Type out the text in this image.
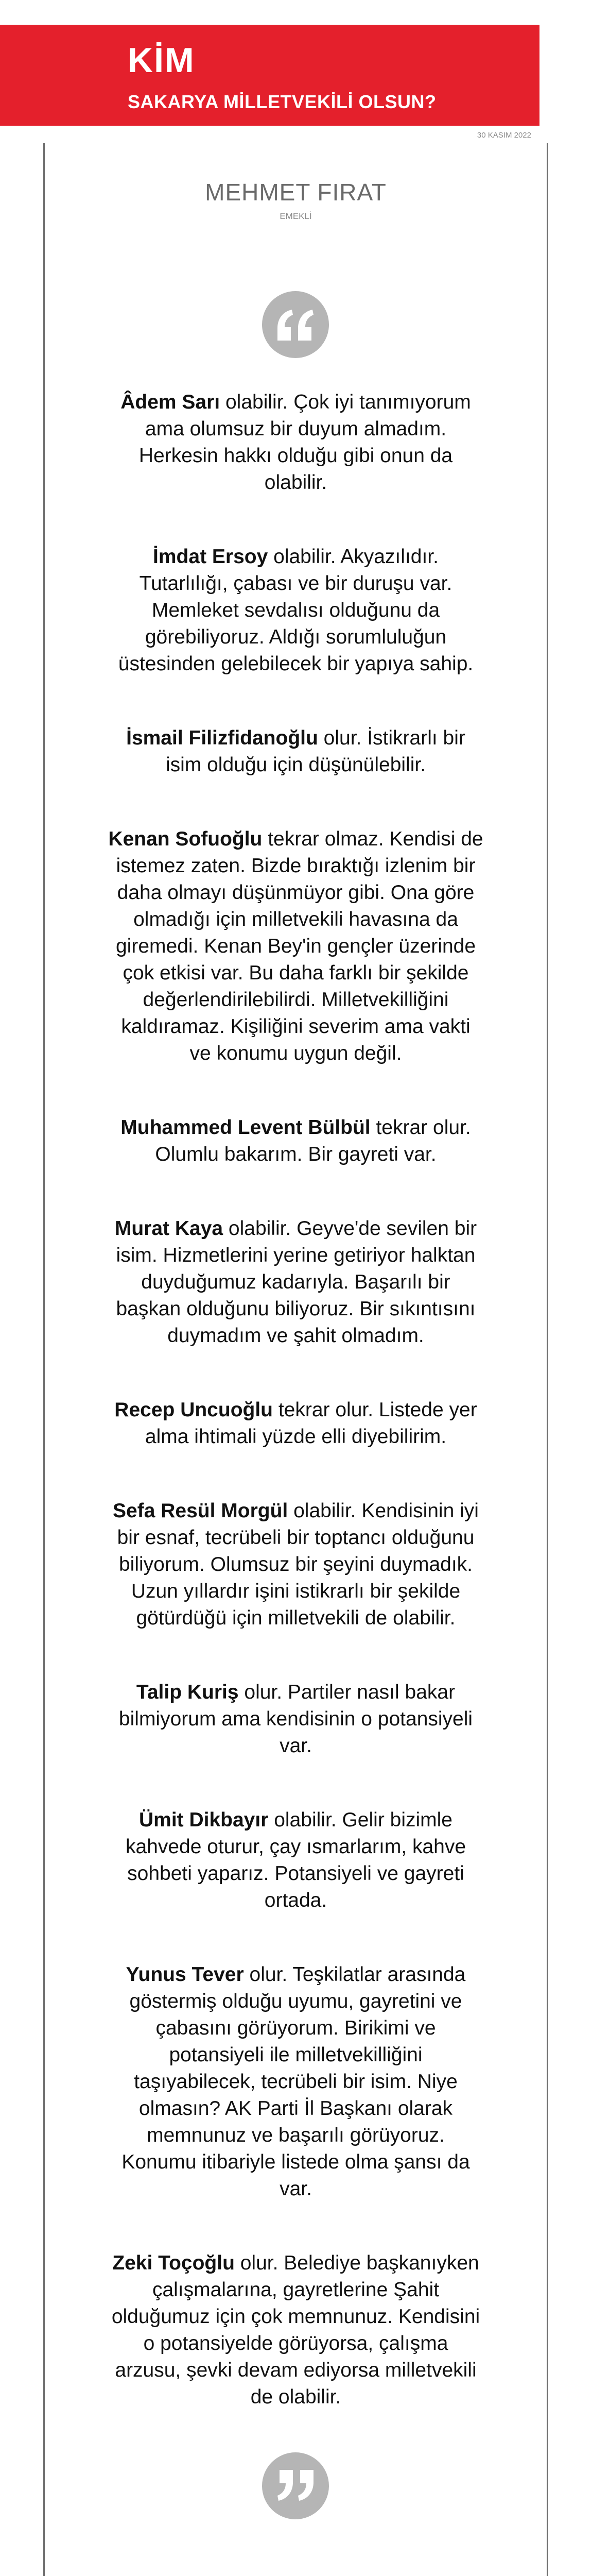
KİM
SAKARYA MİLLETVEKİLİ OLSUN?
30 KASIM 2022
MEHMET FIRAT
EMEKLİ

Âdem Sarı olabilir. Çok iyi tanımıyorum ama olumsuz bir duyum almadım. Herkesin hakkı olduğu gibi onun da olabilir.

İmdat Ersoy olabilir. Akyazılıdır. Tutarlılığı, çabası ve bir duruşu var. Memleket sevdalısı olduğunu da görebiliyoruz. Aldığı sorumluluğun üstesinden gelebilecek bir yapıya sahip.

İsmail Filizfidanoğlu olur. İstikrarlı bir isim olduğu için düşünülebilir.

Kenan Sofuoğlu tekrar olmaz. Kendisi de istemez zaten. Bizde bıraktığı izlenim bir daha olmayı düşünmüyor gibi. Ona göre olmadığı için milletvekili havasına da giremedi. Kenan Bey'in gençler üzerinde çok etkisi var. Bu daha farklı bir şekilde değerlendirilebilirdi. Milletvekilliğini kaldıramaz. Kişiliğini severim ama vakti ve konumu uygun değil.

Muhammed Levent Bülbül tekrar olur. Olumlu bakarım. Bir gayreti var.

Murat Kaya olabilir. Geyve'de sevilen bir isim. Hizmetlerini yerine getiriyor halktan duyduğumuz kadarıyla. Başarılı bir başkan olduğunu biliyoruz. Bir sıkıntısını duymadım ve şahit olmadım.

Recep Uncuoğlu tekrar olur. Listede yer alma ihtimali yüzde elli diyebilirim.

Sefa Resül Morgül olabilir. Kendisinin iyi bir esnaf, tecrübeli bir toptancı olduğunu biliyorum. Olumsuz bir şeyini duymadık. Uzun yıllardır işini istikrarlı bir şekilde götürdüğü için milletvekili de olabilir.

Talip Kuriş olur. Partiler nasıl bakar bilmiyorum ama kendisinin o potansiyeli var.

Ümit Dikbayır olabilir. Gelir bizimle kahvede oturur, çay ısmarlarım, kahve sohbeti yaparız. Potansiyeli ve gayreti ortada.

Yunus Tever olur. Teşkilatlar arasında göstermiş olduğu uyumu, gayretini ve çabasını görüyorum. Birikimi ve potansiyeli ile milletvekilliğini taşıyabilecek, tecrübeli bir isim. Niye olmasın? AK Parti İl Başkanı olarak memnunuz ve başarılı görüyoruz. Konumu itibariyle listede olma şansı da var.

Zeki Toçoğlu olur. Belediye başkanıyken çalışmalarına, gayretlerine Şahit olduğumuz için çok memnunuz. Kendisini o potansiyelde görüyorsa, çalışma arzusu, şevki devam ediyorsa milletvekili de olabilir.
